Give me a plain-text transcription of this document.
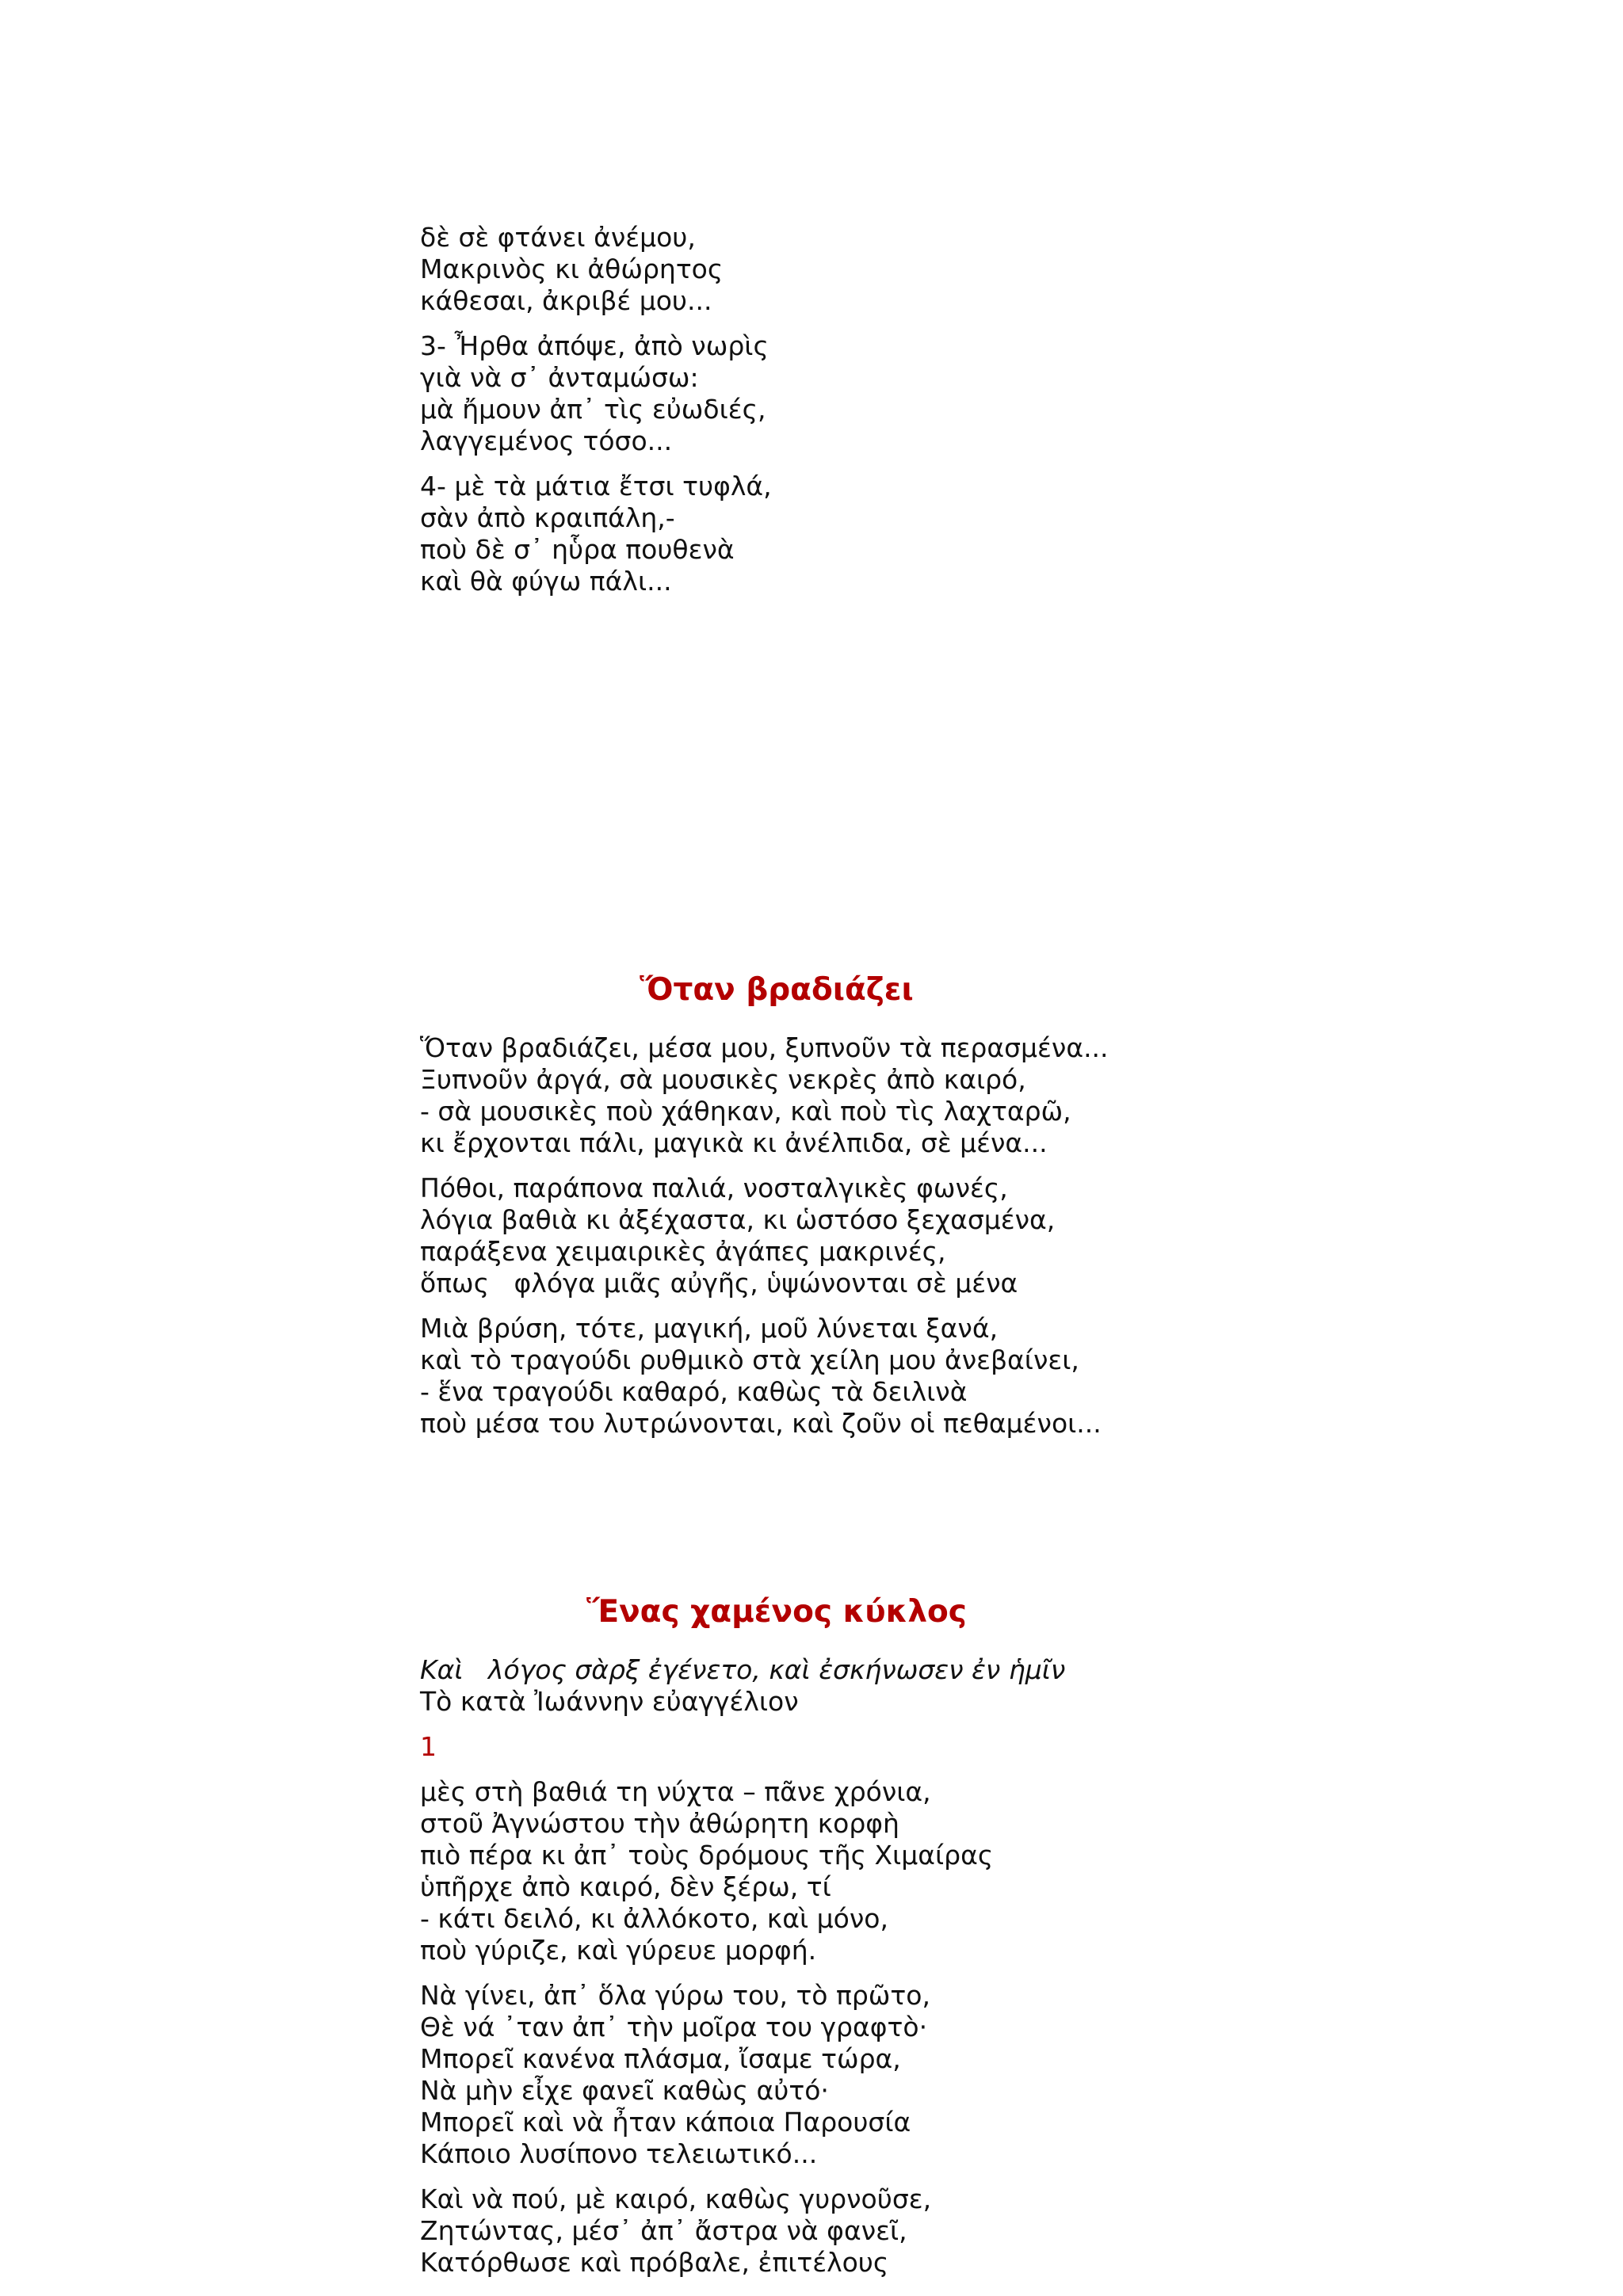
δὲ σὲ φτάνει ἀνέμου,
Μακρινὸς κι ἀθώρητος
κάθεσαι, ἀκριβέ μου...
3- Ἦρθα ἀπόψε, ἀπὸ νωρὶς
γιὰ νὰ σ᾽ ἀνταμώσω:
μὰ ἤμουν ἀπ᾽ τὶς εὐωδιές,
λαγγεμένος τόσο...
4- μὲ τὰ μάτια ἔτσι τυφλά,
σὰν ἀπὸ κραιπάλη,-
ποὺ δὲ σ᾽ ηὗρα πουθενὰ
καὶ θὰ φύγω πάλι...
Ὅταν βραδιάζει
Ὅταν βραδιάζει, μέσα μου, ξυπνοῦν τὰ περασμένα...
Ξυπνοῦν ἀργά, σὰ μουσικὲς νεκρὲς ἀπὸ καιρό,
- σὰ μουσικὲς ποὺ χάθηκαν, καὶ ποὺ τὶς λαχταρῶ,
κι ἔρχονται πάλι, μαγικὰ κι ἀνέλπιδα, σὲ μένα...
Πόθοι, παράπονα παλιά, νοσταλγικὲς φωνές,
λόγια βαθιὰ κι ἀξέχαστα, κι ὡστόσο ξεχασμένα,
παράξενα χειμαιρικὲς ἀγάπες μακρινές,
ὅπως   φλόγα μιᾶς αὐγῆς, ὑψώνονται σὲ μένα
Μιὰ βρύση, τότε, μαγική, μοῦ λύνεται ξανά,
καὶ τὸ τραγούδι ρυθμικὸ στὰ χείλη μου ἀνεβαίνει,
- ἕνα τραγούδι καθαρό, καθὼς τὰ δειλινὰ
ποὺ μέσα του λυτρώνονται, καὶ ζοῦν οἱ πεθαμένοι...
Ἕνας χαμένος κύκλος
Καὶ   λόγος σὰρξ ἐγένετο, καὶ ἐσκήνωσεν ἐν ἡμῖν
Τὸ κατὰ Ἰωάννην εὐαγγέλιον
1
μὲς στὴ βαθιά τη νύχτα – πᾶνε χρόνια,
στοῦ Ἀγνώστου τὴν ἀθώρητη κορφὴ
πιὸ πέρα κι ἀπ᾽ τοὺς δρόμους τῆς Χιμαίρας
ὑπῆρχε ἀπὸ καιρό, δὲν ξέρω, τί
- κάτι δειλό, κι ἀλλόκοτο, καὶ μόνο,
ποὺ γύριζε, καὶ γύρευε μορφή.
Νὰ γίνει, ἀπ᾽ ὅλα γύρω του, τὸ πρῶτο,
Θὲ νά ᾿ταν ἀπ᾽ τὴν μοῖρα του γραφτὸ·
Μπορεῖ κανένα πλάσμα, ἴσαμε τώρα,
Νὰ μὴν εἶχε φανεῖ καθὼς αὐτό·
Μπορεῖ καὶ νὰ ἦταν κάποια Παρουσία
Κάποιο λυσίπονο τελειωτικό...
Καὶ νὰ πού, μὲ καιρό, καθὼς γυρνοῦσε,
Ζητώντας, μέσ᾽ ἀπ᾽ ἄστρα νὰ φανεῖ,
Κατόρθωσε καὶ πρόβαλε, ἐπιτέλους
